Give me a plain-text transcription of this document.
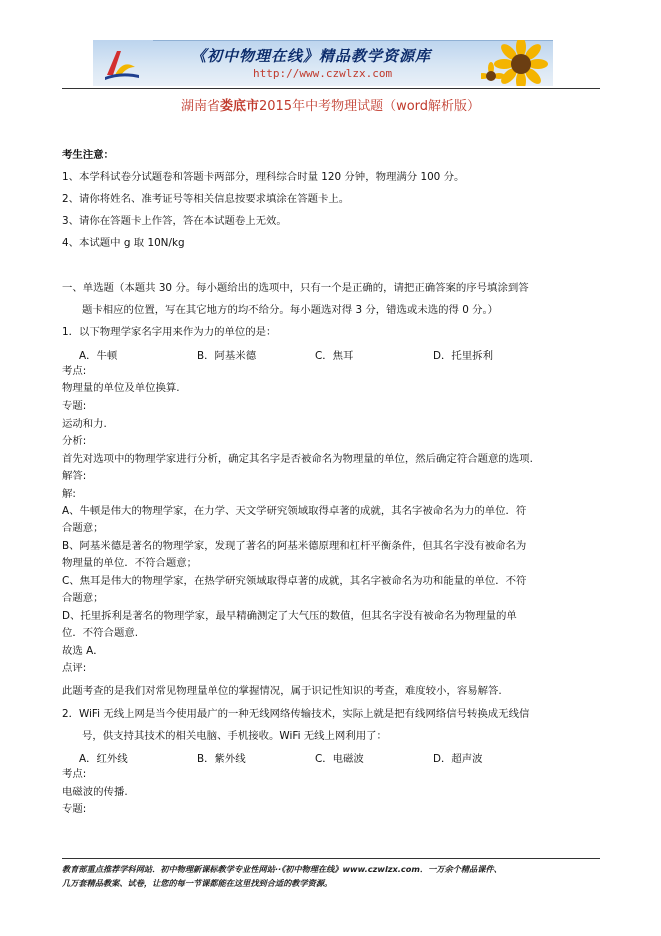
《初中物理在线》精品教学资源库
http://www.czwlzx.com
湖南省娄底市2015年中考物理试题（word解析版）
考生注意：
1、本学科试卷分试题卷和答题卡两部分，理科综合时量 120 分钟，物理满分 100 分。
2、请你将姓名、准考证号等相关信息按要求填涂在答题卡上。
3、请你在答题卡上作答，答在本试题卷上无效。
4、本试题中 g 取 10N/kg
一、单选题（本题共 30 分。每小题给出的选项中，只有一个是正确的，请把正确答案的序号填涂到答
题卡相应的位置，写在其它地方的均不给分。每小题选对得 3 分，错选或未选的得 0 分。）
1．以下物理学家名字用来作为力的单位的是：
A．牛顿	B．阿基米德	C．焦耳	D．托里拆利
考点:
物理量的单位及单位换算.
专题:
运动和力.
分析:
首先对选项中的物理学家进行分析，确定其名字是否被命名为物理量的单位，然后确定符合题意的选项.
解答:
解:
A、牛顿是伟大的物理学家，在力学、天文学研究领域取得卓著的成就，其名字被命名为力的单位．符
合题意；
B、阿基米德是著名的物理学家，发现了著名的阿基米德原理和杠杆平衡条件，但其名字没有被命名为
物理量的单位．不符合题意；
C、焦耳是伟大的物理学家，在热学研究领域取得卓著的成就，其名字被命名为功和能量的单位．不符
合题意；
D、托里拆利是著名的物理学家，最早精确测定了大气压的数值，但其名字没有被命名为物理量的单
位．不符合题意.
故选 A．
点评:
此题考查的是我们对常见物理量单位的掌握情况，属于识记性知识的考查，难度较小，容易解答.
2．WiFi 无线上网是当今使用最广的一种无线网络传输技术，实际上就是把有线网络信号转换成无线信
号，供支持其技术的相关电脑、手机接收。WiFi 无线上网利用了：
A．红外线	B．紫外线	C．电磁波	D．超声波
考点:
电磁波的传播.
专题:
教育部重点推荐学科网站．初中物理新课标教学专业性网站··《初中物理在线》www.czwlzx.com．一万余个精品课件、
几万套精品教案、试卷，让您的每一节课都能在这里找到合适的教学资源。
